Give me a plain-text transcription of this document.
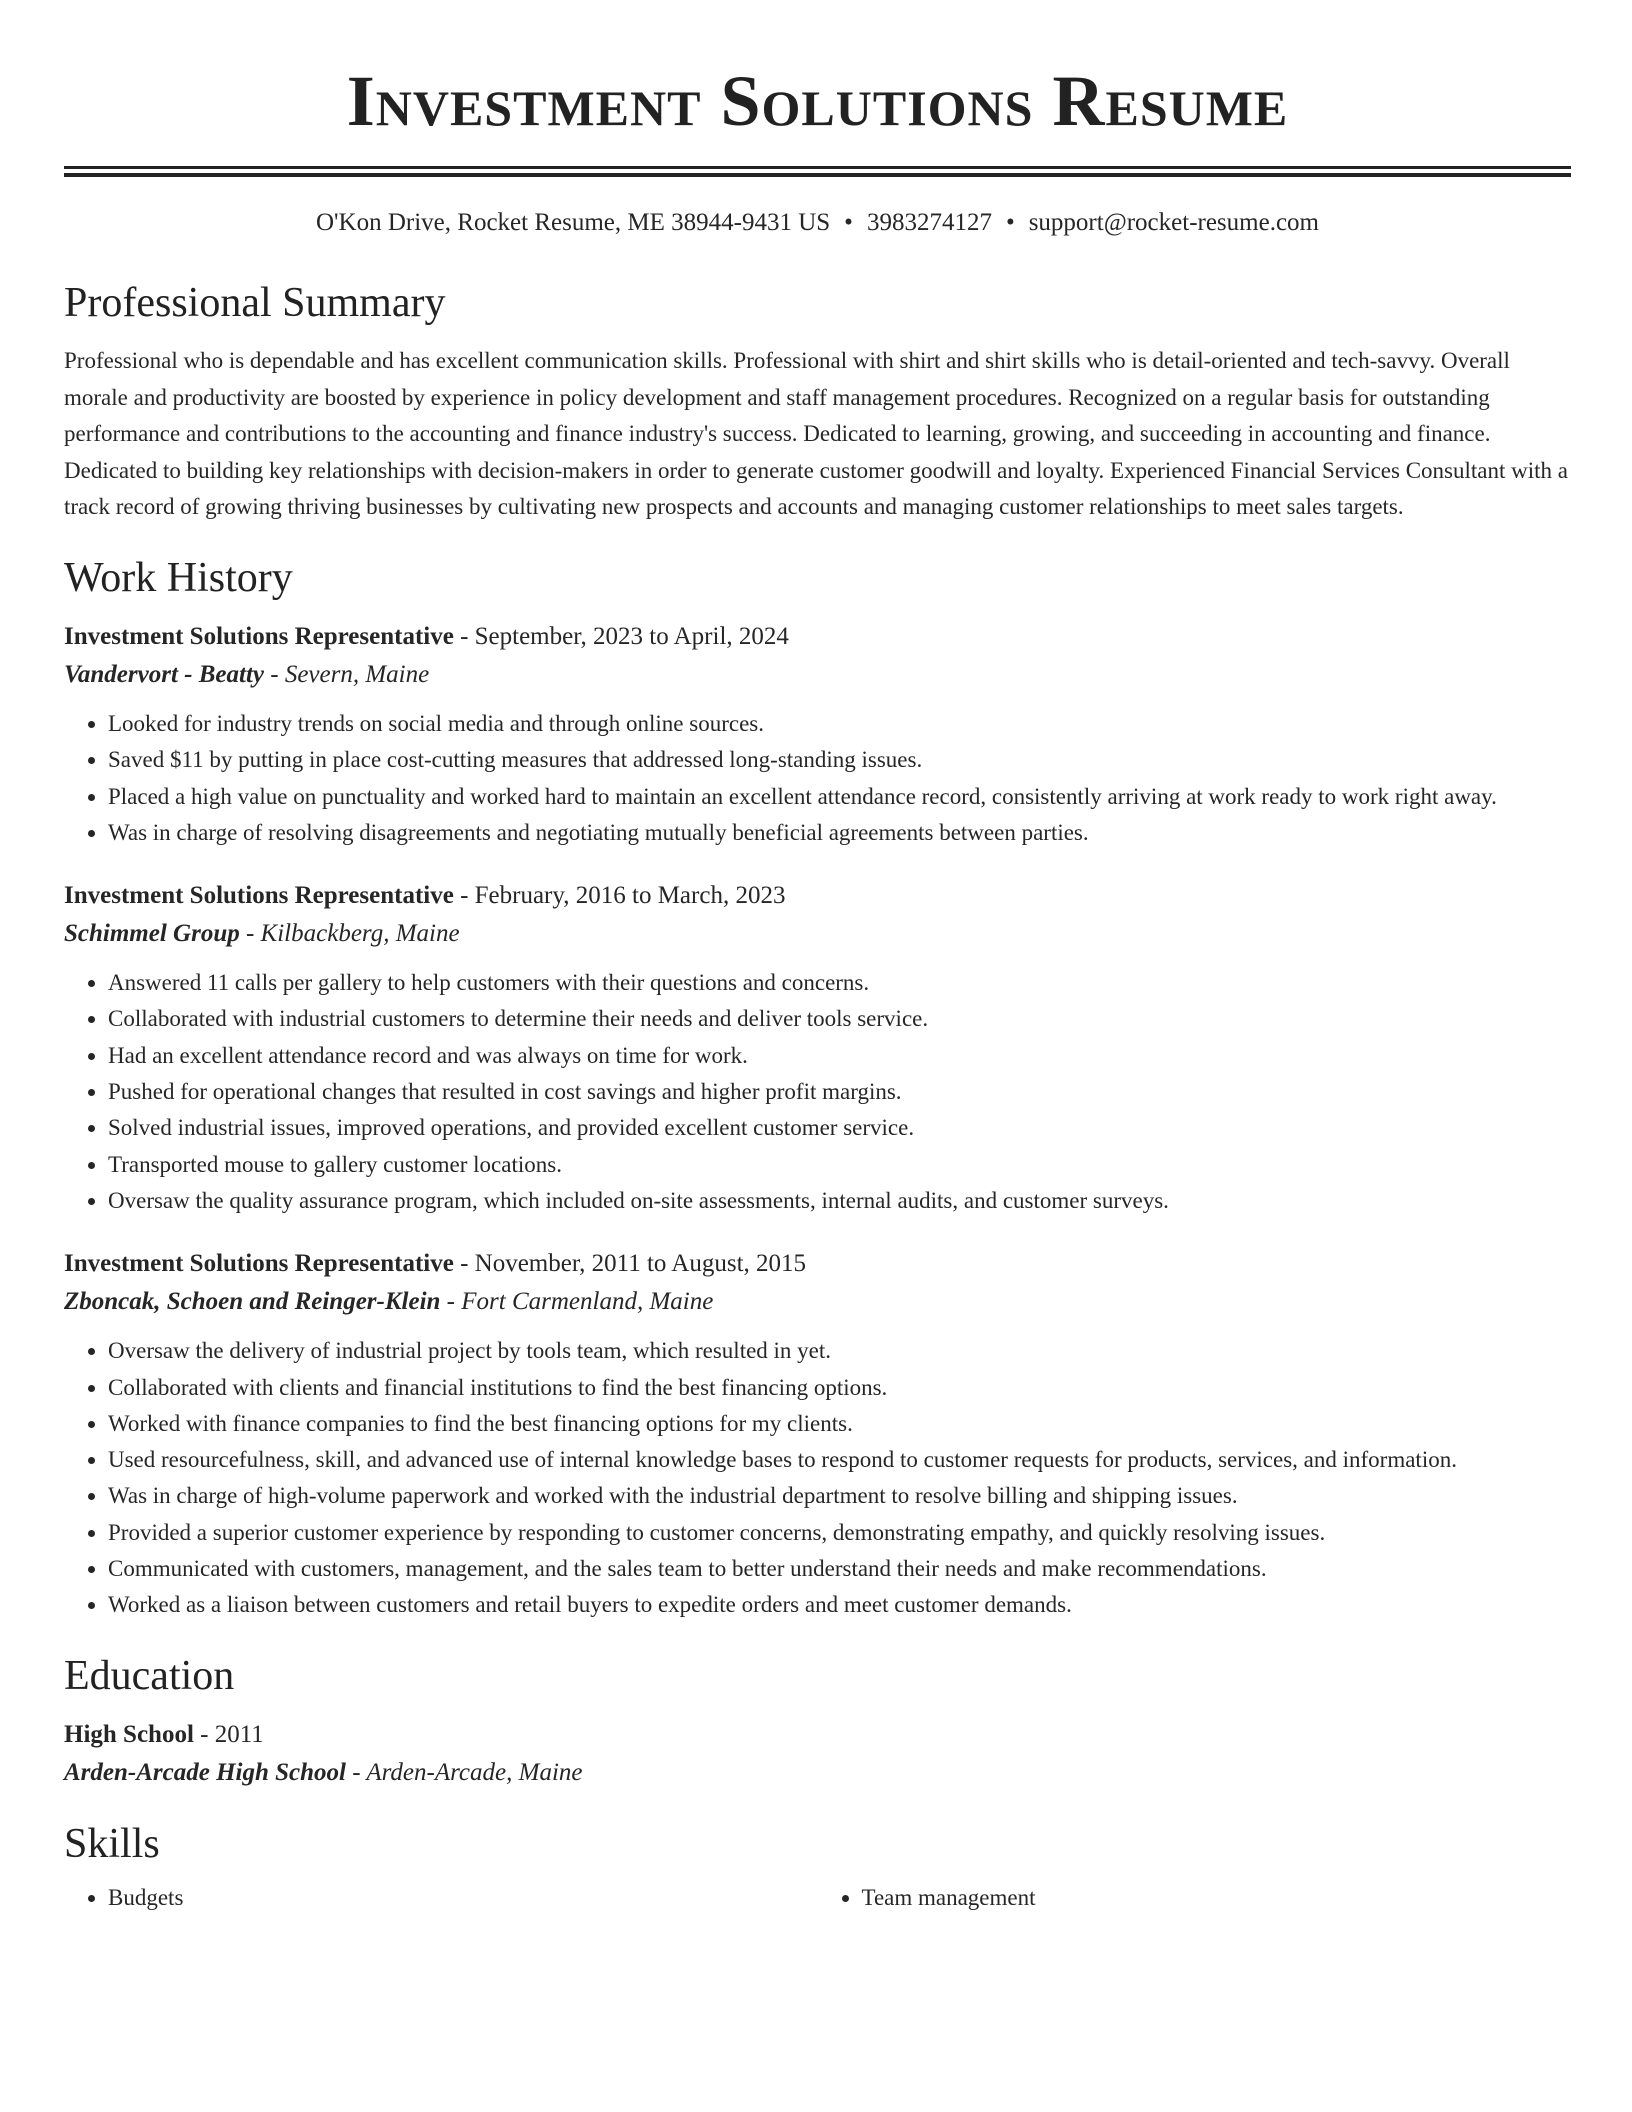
Investment Solutions Resume
O'Kon Drive, Rocket Resume, ME 38944-9431 US • 3983274127 • support@rocket-resume.com
Professional Summary

Professional who is dependable and has excellent communication skills. Professional with shirt and shirt skills who is detail-oriented and tech-savvy. Overall morale and productivity are boosted by experience in policy development and staff management procedures. Recognized on a regular basis for outstanding performance and contributions to the accounting and finance industry's success. Dedicated to learning, growing, and succeeding in accounting and finance. Dedicated to building key relationships with decision-makers in order to generate customer goodwill and loyalty. Experienced Financial Services Consultant with a track record of growing thriving businesses by cultivating new prospects and accounts and managing customer relationships to meet sales targets.

Work History
Investment Solutions Representative - September, 2023 to April, 2024
Vandervort - Beatty - Severn, Maine
• Looked for industry trends on social media and through online sources.
• Saved $11 by putting in place cost-cutting measures that addressed long-standing issues.
• Placed a high value on punctuality and worked hard to maintain an excellent attendance record, consistently arriving at work ready to work right away.
• Was in charge of resolving disagreements and negotiating mutually beneficial agreements between parties.
Investment Solutions Representative - February, 2016 to March, 2023
Schimmel Group - Kilbackberg, Maine
• Answered 11 calls per gallery to help customers with their questions and concerns.
• Collaborated with industrial customers to determine their needs and deliver tools service.
• Had an excellent attendance record and was always on time for work.
• Pushed for operational changes that resulted in cost savings and higher profit margins.
• Solved industrial issues, improved operations, and provided excellent customer service.
• Transported mouse to gallery customer locations.
• Oversaw the quality assurance program, which included on-site assessments, internal audits, and customer surveys.
Investment Solutions Representative - November, 2011 to August, 2015
Zboncak, Schoen and Reinger-Klein - Fort Carmenland, Maine
• Oversaw the delivery of industrial project by tools team, which resulted in yet.
• Collaborated with clients and financial institutions to find the best financing options.
• Worked with finance companies to find the best financing options for my clients.
• Used resourcefulness, skill, and advanced use of internal knowledge bases to respond to customer requests for products, services, and information.
• Was in charge of high-volume paperwork and worked with the industrial department to resolve billing and shipping issues.
• Provided a superior customer experience by responding to customer concerns, demonstrating empathy, and quickly resolving issues.
• Communicated with customers, management, and the sales team to better understand their needs and make recommendations.
• Worked as a liaison between customers and retail buyers to expedite orders and meet customer demands.
Education
High School - 2011
Arden-Arcade High School - Arden-Arcade, Maine
Skills
• Budgets
•	Team management
